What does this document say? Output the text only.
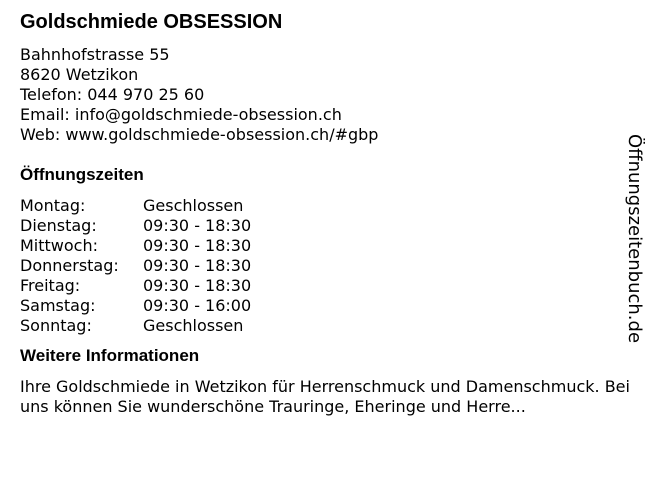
Goldschmiede OBSESSION
Bahnhofstrasse 55
8620 Wetzikon
Telefon: 044 970 25 60
Email: info@goldschmiede-obsession.ch
Web: www.goldschmiede-obsession.ch/#gbp
Öffnungszeiten
Montag:	Geschlossen
Dienstag:	09:30 - 18:30
Mittwoch:	09:30 - 18:30
Donnerstag: 09:30 - 18:30
Freitag:	09:30 - 18:30
Samstag:	09:30 - 16:00
Sonntag:	Geschlossen
Weitere Informationen
Ihre Goldschmiede in Wetzikon für Herrenschmuck und Damenschmuck. Bei uns können Sie wunderschöne Trauringe, Eheringe und Herre...
Öffnungszeitenbuch.de
